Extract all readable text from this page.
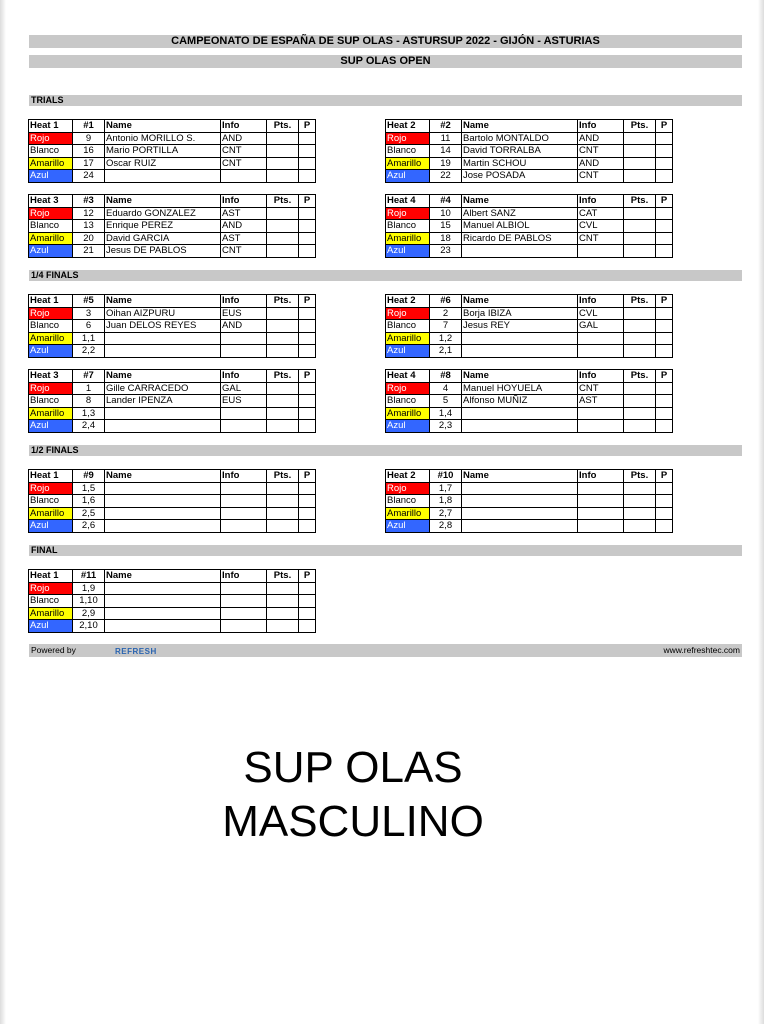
CAMPEONATO DE ESPAÑA DE SUP OLAS - ASTURSUP 2022 - GIJÓN - ASTURIAS
SUP OLAS OPEN
TRIALS
1/4 FINALS
1/2 FINALS
FINAL
Heat 1	#1	Name	Info	Pts.	P
Rojo	9	Antonio MORILLO S.	AND		
Blanco	16	Mario PORTILLA	CNT		
Amarillo	17	Oscar RUIZ	CNT		
Azul	24				
Heat 2	#2	Name	Info	Pts.	P
Rojo	11	Bartolo MONTALDO	AND		
Blanco	14	David TORRALBA	CNT		
Amarillo	19	Martin SCHOU	AND		
Azul	22	Jose POSADA	CNT		
Heat 3	#3	Name	Info	Pts.	P
Rojo	12	Eduardo GONZALEZ	AST		
Blanco	13	Enrique PEREZ	AND		
Amarillo	20	David GARCIA	AST		
Azul	21	Jesus DE PABLOS	CNT		
Heat 4	#4	Name	Info	Pts.	P
Rojo	10	Albert SANZ	CAT		
Blanco	15	Manuel ALBIOL	CVL		
Amarillo	18	Ricardo DE PABLOS	CNT		
Azul	23				
Heat 1	#5	Name	Info	Pts.	P
Rojo	3	Oihan AIZPURU	EUS		
Blanco	6	Juan DELOS REYES	AND		
Amarillo	1,1				
Azul	2,2				
Heat 2	#6	Name	Info	Pts.	P
Rojo	2	Borja IBIZA	CVL		
Blanco	7	Jesus REY	GAL		
Amarillo	1,2				
Azul	2,1				
Heat 3	#7	Name	Info	Pts.	P
Rojo	1	Gille CARRACEDO	GAL		
Blanco	8	Lander IPENZA	EUS		
Amarillo	1,3				
Azul	2,4				
Heat 4	#8	Name	Info	Pts.	P
Rojo	4	Manuel HOYUELA	CNT		
Blanco	5	Alfonso MUÑIZ	AST		
Amarillo	1,4				
Azul	2,3				
Heat 1	#9	Name	Info	Pts.	P
Rojo	1,5				
Blanco	1,6				
Amarillo	2,5				
Azul	2,6				
Heat 2	#10	Name	Info	Pts.	P
Rojo	1,7				
Blanco	1,8				
Amarillo	2,7				
Azul	2,8				
Heat 1	#11	Name	Info	Pts.	P
Rojo	1,9				
Blanco	1,10				
Amarillo	2,9				
Azul	2,10				
Powered by	REFRESH	www.refreshtec.com
SUP OLAS
MASCULINO
